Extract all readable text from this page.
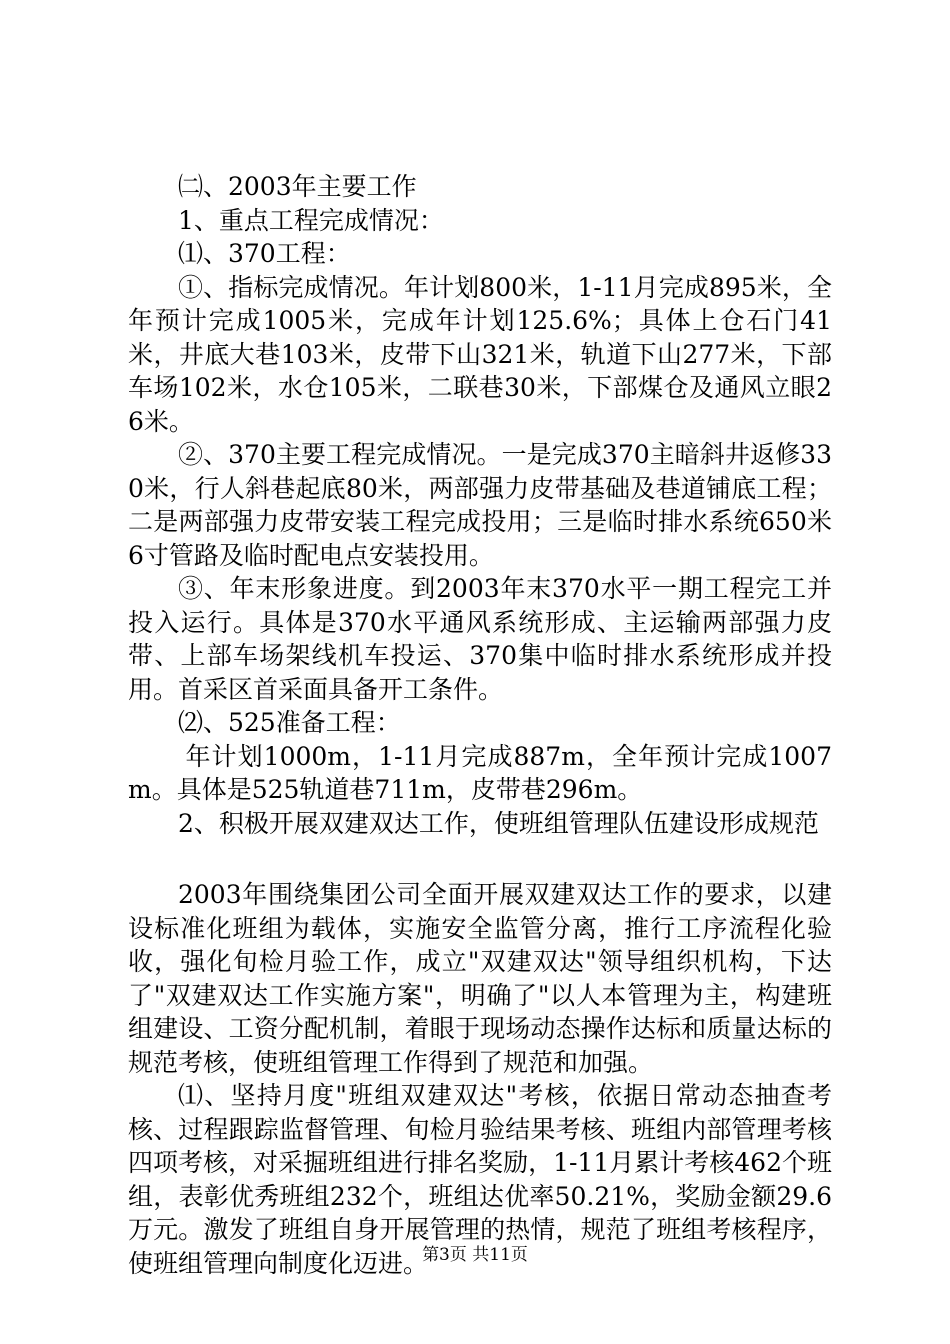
㈡、2003年主要工作

1、重点工程完成情况：

⑴、370工程：

①、指标完成情况。年计划800米，1-11月完成895米，全年预计完成1005米，完成年计划125.6%；具体上仓石门41米，井底大巷103米，皮带下山321米，轨道下山277米，下部车场102米，水仓105米，二联巷30米，下部煤仓及通风立眼26米。

②、370主要工程完成情况。一是完成370主暗斜井返修330米，行人斜巷起底80米，两部强力皮带基础及巷道铺底工程；二是两部强力皮带安装工程完成投用；三是临时排水系统650米6寸管路及临时配电点安装投用。

③、年末形象进度。到2003年末370水平一期工程完工并投入运行。具体是370水平通风系统形成、主运输两部强力皮带、上部车场架线机车投运、370集中临时排水系统形成并投用。首采区首采面具备开工条件。

⑵、525准备工程：

年计划1000m，1-11月完成887m，全年预计完成1007m。具体是525轨道巷711m，皮带巷296m。

2、积极开展双建双达工作，使班组管理队伍建设形成规范

2003年围绕集团公司全面开展双建双达工作的要求，以建设标准化班组为载体，实施安全监管分离，推行工序流程化验收，强化旬检月验工作，成立"双建双达"领导组织机构，下达了"双建双达工作实施方案"，明确了"以人本管理为主，构建班组建设、工资分配机制，着眼于现场动态操作达标和质量达标的规范考核，使班组管理工作得到了规范和加强。

⑴、坚持月度"班组双建双达"考核，依据日常动态抽查考核、过程跟踪监督管理、旬检月验结果考核、班组内部管理考核四项考核，对采掘班组进行排名奖励，1-11月累计考核462个班组，表彰优秀班组232个，班组达优率50.21%，奖励金额29.6万元。激发了班组自身开展管理的热情，规范了班组考核程序，使班组管理向制度化迈进。

第3页 共11页
